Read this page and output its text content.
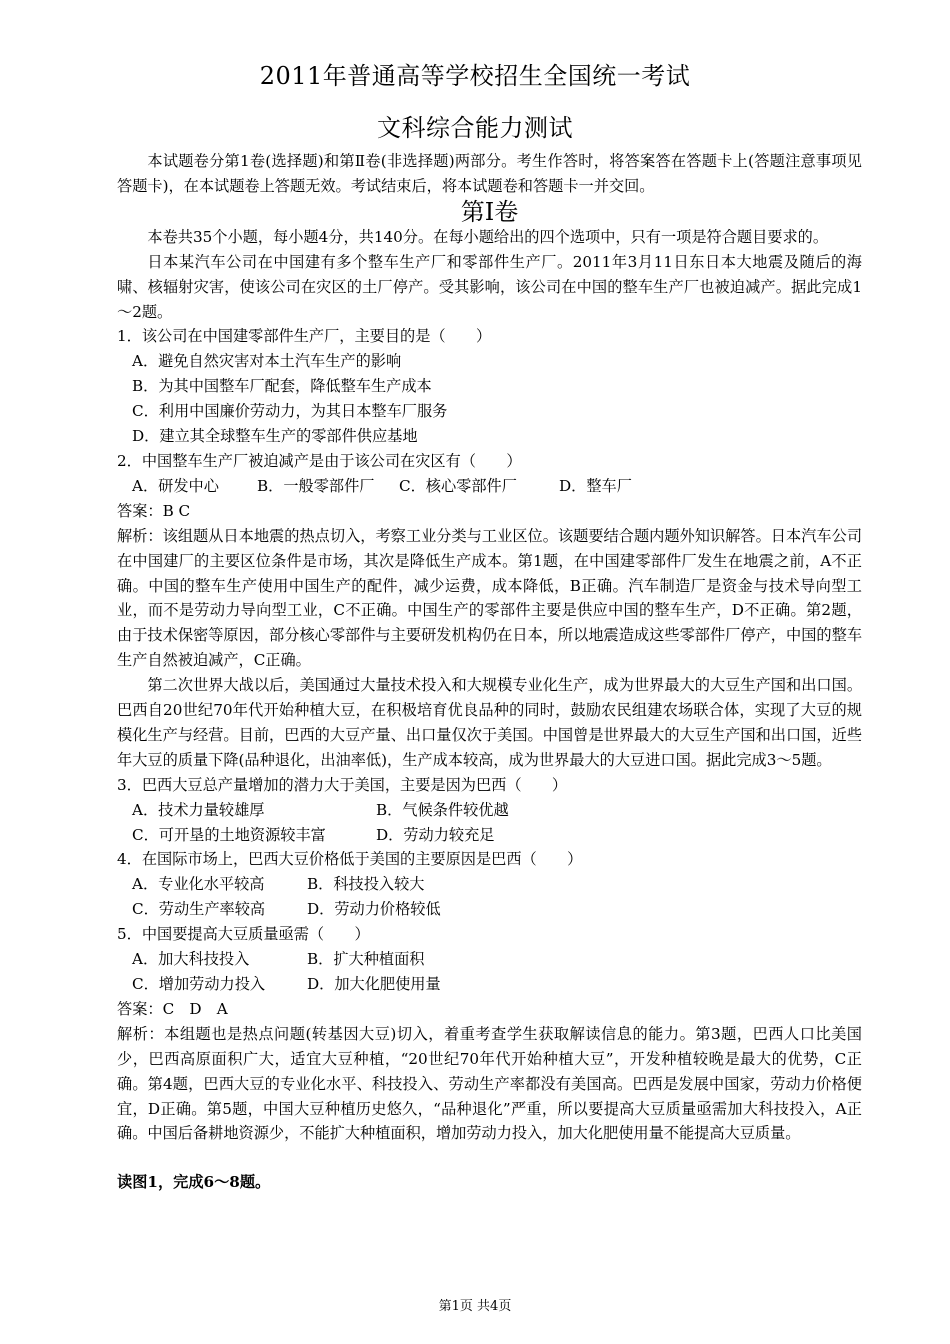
2011年普通高等学校招生全国统一考试
文科综合能力测试

本试题卷分第1卷(选择题)和第Ⅱ卷(非选择题)两部分。考生作答时，将答案答在答题卡上(答题注意事项见答题卡)，在本试题卷上答题无效。考试结束后，将本试题卷和答题卡一并交回。

第Ⅰ卷

本卷共35个小题，每小题4分，共140分。在每小题给出的四个选项中，只有一项是符合题目要求的。

日本某汽车公司在中国建有多个整车生产厂和零部件生产厂。2011年3月11日东日本大地震及随后的海啸、核辐射灾害，使该公司在灾区的土厂停产。受其影响，该公司在中国的整车生产厂也被迫减产。据此完成1～2题。

1．该公司在中国建零部件生产厂，主要目的是（　　）
A．避免自然灾害对本土汽车生产的影响
B．为其中国整车厂配套，降低整车生产成本
C．利用中国廉价劳动力，为其日本整车厂服务
D．建立其全球整车生产的零部件供应基地
2．中国整车生产厂被迫减产是由于该公司在灾区有（　　）
A．研发中心	B．一般零部件厂 C．核心零部件厂	D．整车厂
答案：B C

解析：该组题从日本地震的热点切入，考察工业分类与工业区位。该题要结合题内题外知识解答。日本汽车公司在中国建厂的主要区位条件是市场，其次是降低生产成本。第1题，在中国建零部件厂发生在地震之前，A不正确。中国的整车生产使用中国生产的配件，减少运费，成本降低，B正确。汽车制造厂是资金与技术导向型工业，而不是劳动力导向型工业，C不正确。中国生产的零部件主要是供应中国的整车生产，D不正确。第2题，由于技术保密等原因，部分核心零部件与主要研发机构仍在日本，所以地震造成这些零部件厂停产，中国的整车生产自然被迫减产，C正确。

第二次世界大战以后，美国通过大量技术投入和大规模专业化生产，成为世界最大的大豆生产国和出口国。巴西自20世纪70年代开始种植大豆，在积极培育优良品种的同时，鼓励农民组建农场联合体，实现了大豆的规模化生产与经营。目前，巴西的大豆产量、出口量仅次于美国。中国曾是世界最大的大豆生产国和出口国，近些年大豆的质量下降(品种退化，出油率低)，生产成本较高，成为世界最大的大豆进口国。据此完成3～5题。

3．巴西大豆总产量增加的潜力大于美国，主要是因为巴西（　　）
A．技术力量较雄厚	B．气候条件较优越
C．可开垦的土地资源较丰富	D．劳动力较充足
4．在国际市场上，巴西大豆价格低于美国的主要原因是巴西（　　）
A．专业化水平较高	B．科技投入较大
C．劳动生产率较高	D．劳动力价格较低
5．中国要提高大豆质量亟需（　　）
A．加大科技投入	B．扩大种植面积
C．增加劳动力投入	D．加大化肥使用量
答案：C　D　A

解析：本组题也是热点问题(转基因大豆)切入，着重考查学生获取解读信息的能力。第3题，巴西人口比美国少，巴西高原面积广大，适宜大豆种植，“20世纪70年代开始种植大豆”，开发种植较晚是最大的优势，C正确。第4题，巴西大豆的专业化水平、科技投入、劳动生产率都没有美国高。巴西是发展中国家，劳动力价格便宜，D正确。第5题，中国大豆种植历史悠久，“品种退化”严重，所以要提高大豆质量亟需加大科技投入，A正确。中国后备耕地资源少，不能扩大种植面积，增加劳动力投入，加大化肥使用量不能提高大豆质量。

读图1，完成6～8题。
第1页 共4页
